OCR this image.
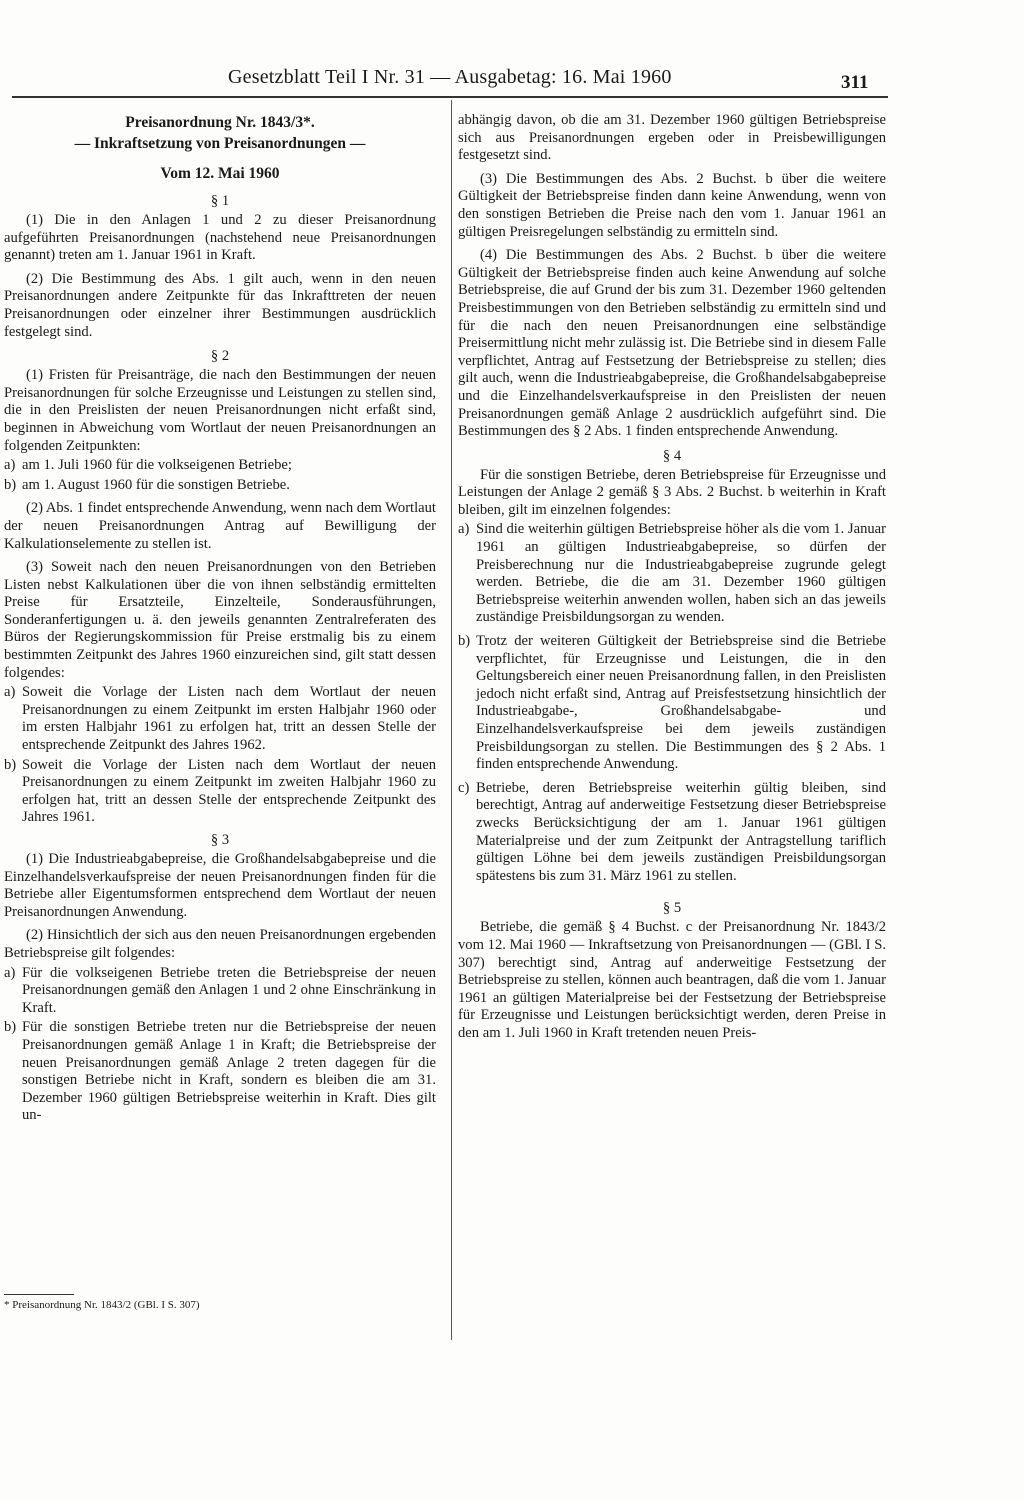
Gesetzblatt Teil I Nr. 31 — Ausgabetag: 16. Mai 1960	311
Preisanordnung Nr. 1843/3*.
— Inkraftsetzung von Preisanordnungen —
Vom 12. Mai 1960
§ 1

(1) Die in den Anlagen 1 und 2 zu dieser Preisanordnung aufgeführten Preisanordnungen (nachstehend neue Preisanordnungen genannt) treten am 1. Januar 1961 in Kraft.

(2) Die Bestimmung des Abs. 1 gilt auch, wenn in den neuen Preisanordnungen andere Zeitpunkte für das Inkrafttreten der neuen Preisanordnungen oder einzelner ihrer Bestimmungen ausdrücklich festgelegt sind.

§ 2

(1) Fristen für Preisanträge, die nach den Bestimmungen der neuen Preisanordnungen für solche Erzeugnisse und Leistungen zu stellen sind, die in den Preislisten der neuen Preisanordnungen nicht erfaßt sind, beginnen in Abweichung vom Wortlaut der neuen Preisanordnungen an folgenden Zeitpunkten:

a) am 1. Juli 1960 für die volkseigenen Betriebe;
b) am 1. August 1960 für die sonstigen Betriebe.

(2) Abs. 1 findet entsprechende Anwendung, wenn nach dem Wortlaut der neuen Preisanordnungen Antrag auf Bewilligung der Kalkulationselemente zu stellen ist.

(3) Soweit nach den neuen Preisanordnungen von den Betrieben Listen nebst Kalkulationen über die von ihnen selbständig ermittelten Preise für Ersatzteile, Einzelteile, Sonderausführungen, Sonderanfertigungen u. ä. den jeweils genannten Zentralreferaten des Büros der Regierungskommission für Preise erstmalig bis zu einem bestimmten Zeitpunkt des Jahres 1960 einzureichen sind, gilt statt dessen folgendes:

a) Soweit die Vorlage der Listen nach dem Wortlaut der neuen Preisanordnungen zu einem Zeitpunkt im ersten Halbjahr 1960 oder im ersten Halbjahr 1961 zu erfolgen hat, tritt an dessen Stelle der entsprechende Zeitpunkt des Jahres 1962.
b) Soweit die Vorlage der Listen nach dem Wortlaut der neuen Preisanordnungen zu einem Zeitpunkt im zweiten Halbjahr 1960 zu erfolgen hat, tritt an dessen Stelle der entsprechende Zeitpunkt des Jahres 1961.
§ 3

(1) Die Industrieabgabepreise, die Großhandelsabgabepreise und die Einzelhandelsverkaufspreise der neuen Preisanordnungen finden für die Betriebe aller Eigentumsformen entsprechend dem Wortlaut der neuen Preisanordnungen Anwendung.

(2) Hinsichtlich der sich aus den neuen Preisanordnungen ergebenden Betriebspreise gilt folgendes:

a) Für die volkseigenen Betriebe treten die Betriebspreise der neuen Preisanordnungen gemäß den Anlagen 1 und 2 ohne Einschränkung in Kraft.
b) Für die sonstigen Betriebe treten nur die Betriebspreise der neuen Preisanordnungen gemäß Anlage 1 in Kraft; die Betriebspreise der neuen Preisanordnungen gemäß Anlage 2 treten dagegen für die sonstigen Betriebe nicht in Kraft, sondern es bleiben die am 31. Dezember 1960 gültigen Betriebspreise weiterhin in Kraft. Dies gilt un-
* Preisanordnung Nr. 1843/2 (GBl. I S. 307)

abhängig davon, ob die am 31. Dezember 1960 gültigen Betriebspreise sich aus Preisanordnungen ergeben oder in Preisbewilligungen festgesetzt sind.

(3) Die Bestimmungen des Abs. 2 Buchst. b über die weitere Gültigkeit der Betriebspreise finden dann keine Anwendung, wenn von den sonstigen Betrieben die Preise nach den vom 1. Januar 1961 an gültigen Preisregelungen selbständig zu ermitteln sind.

(4) Die Bestimmungen des Abs. 2 Buchst. b über die weitere Gültigkeit der Betriebspreise finden auch keine Anwendung auf solche Betriebspreise, die auf Grund der bis zum 31. Dezember 1960 geltenden Preisbestimmungen von den Betrieben selbständig zu ermitteln sind und für die nach den neuen Preisanordnungen eine selbständige Preisermittlung nicht mehr zulässig ist. Die Betriebe sind in diesem Falle verpflichtet, Antrag auf Festsetzung der Betriebspreise zu stellen; dies gilt auch, wenn die Industrieabgabepreise, die Großhandelsabgabepreise und die Einzelhandelsverkaufspreise in den Preislisten der neuen Preisanordnungen gemäß Anlage 2 ausdrücklich aufgeführt sind. Die Bestimmungen des § 2 Abs. 1 finden entsprechende Anwendung.

§ 4

Für die sonstigen Betriebe, deren Betriebspreise für Erzeugnisse und Leistungen der Anlage 2 gemäß § 3 Abs. 2 Buchst. b weiterhin in Kraft bleiben, gilt im einzelnen folgendes:

a) Sind die weiterhin gültigen Betriebspreise höher als die vom 1. Januar 1961 an gültigen Industrieabgabepreise, so dürfen der Preisberechnung nur die Industrieabgabepreise zugrunde gelegt werden. Betriebe, die die am 31. Dezember 1960 gültigen Betriebspreise weiterhin anwenden wollen, haben sich an das jeweils zuständige Preisbildungsorgan zu wenden.
b) Trotz der weiteren Gültigkeit der Betriebspreise sind die Betriebe verpflichtet, für Erzeugnisse und Leistungen, die in den Geltungsbereich einer neuen Preisanordnung fallen, in den Preislisten jedoch nicht erfaßt sind, Antrag auf Preisfestsetzung hinsichtlich der Industrieabgabe-, Großhandelsabgabe- und Einzelhandelsverkaufspreise bei dem jeweils zuständigen Preisbildungsorgan zu stellen. Die Bestimmungen des § 2 Abs. 1 finden entsprechende Anwendung.
c) Betriebe, deren Betriebspreise weiterhin gültig bleiben, sind berechtigt, Antrag auf anderweitige Festsetzung dieser Betriebspreise zwecks Berücksichtigung der am 1. Januar 1961 gültigen Materialpreise und der zum Zeitpunkt der Antragstellung tariflich gültigen Löhne bei dem jeweils zuständigen Preisbildungsorgan spätestens bis zum 31. März 1961 zu stellen.
§ 5

Betriebe, die gemäß § 4 Buchst. c der Preisanordnung Nr. 1843/2 vom 12. Mai 1960 — Inkraftsetzung von Preisanordnungen — (GBl. I S. 307) berechtigt sind, Antrag auf anderweitige Festsetzung der Betriebspreise zu stellen, können auch beantragen, daß die vom 1. Januar 1961 an gültigen Materialpreise bei der Festsetzung der Betriebspreise für Erzeugnisse und Leistungen berücksichtigt werden, deren Preise in den am 1. Juli 1960 in Kraft tretenden neuen Preis-
